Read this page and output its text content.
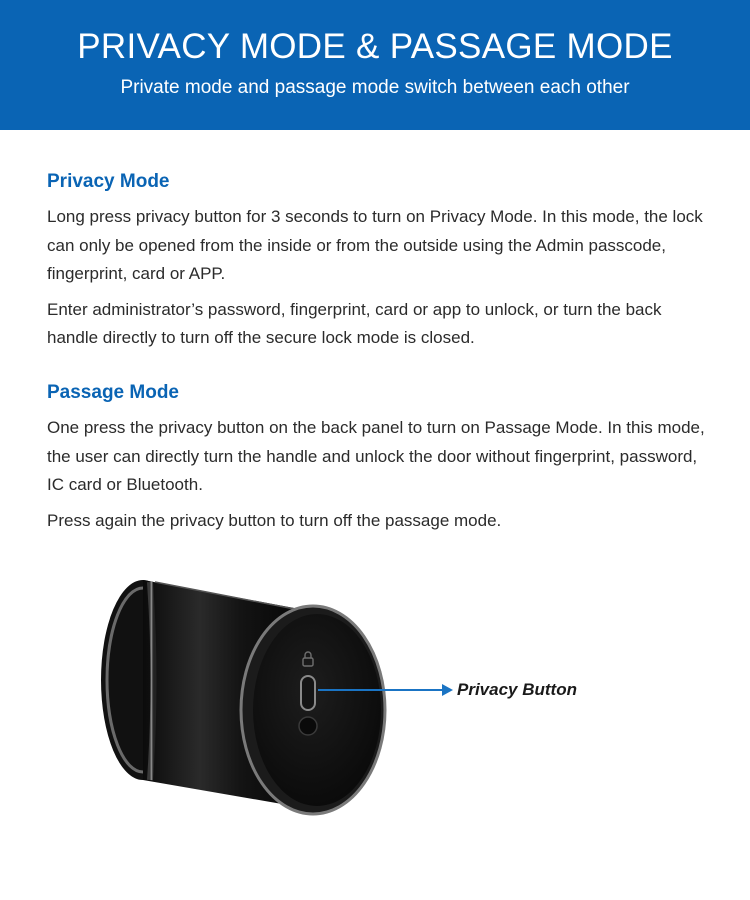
PRIVACY MODE & PASSAGE MODE
Private mode and passage mode switch between each other
Privacy Mode

Long press privacy button for 3 seconds to turn on Privacy Mode. In this mode, the lock can only be opened from the inside or from the outside using the Admin passcode, fingerprint, card or APP.

Enter administrator’s password, fingerprint, card or app to unlock, or turn the back handle directly to turn off the secure lock mode is closed.

Passage Mode

One press the privacy button on the back panel to turn on Passage Mode. In this mode, the user can directly turn the handle and unlock the door without fingerprint, password, IC card or Bluetooth.

Press again the privacy button to turn off the passage mode.

Privacy Button
